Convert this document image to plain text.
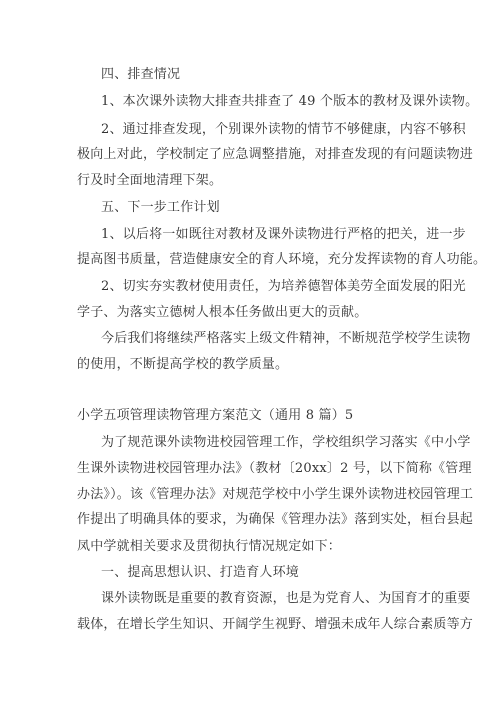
四、排查情况
1、本次课外读物大排查共排查了 49 个版本的教材及课外读物。
2、通过排查发现，个别课外读物的情节不够健康，内容不够积
极向上对此，学校制定了应急调整措施，对排查发现的有问题读物进
行及时全面地清理下架。
五、下一步工作计划
1、以后将一如既往对教材及课外读物进行严格的把关，进一步
提高图书质量，营造健康安全的育人环境，充分发挥读物的育人功能。
2、切实夯实教材使用责任，为培养德智体美劳全面发展的阳光
学子、为落实立德树人根本任务做出更大的贡献。
今后我们将继续严格落实上级文件精神，不断规范学校学生读物
的使用，不断提高学校的教学质量。
小学五项管理读物管理方案范文（通用 8 篇）5
为了规范课外读物进校园管理工作，学校组织学习落实《中小学
生课外读物进校园管理办法》（教材〔20xx〕2 号，以下简称《管理
办法》）。该《管理办法》对规范学校中小学生课外读物进校园管理工
作提出了明确具体的要求，为确保《管理办法》落到实处，桓台县起
凤中学就相关要求及贯彻执行情况规定如下：
一、提高思想认识、打造育人环境
课外读物既是重要的教育资源，也是为党育人、为国育才的重要
载体，在增长学生知识、开阔学生视野、增强未成年人综合素质等方
